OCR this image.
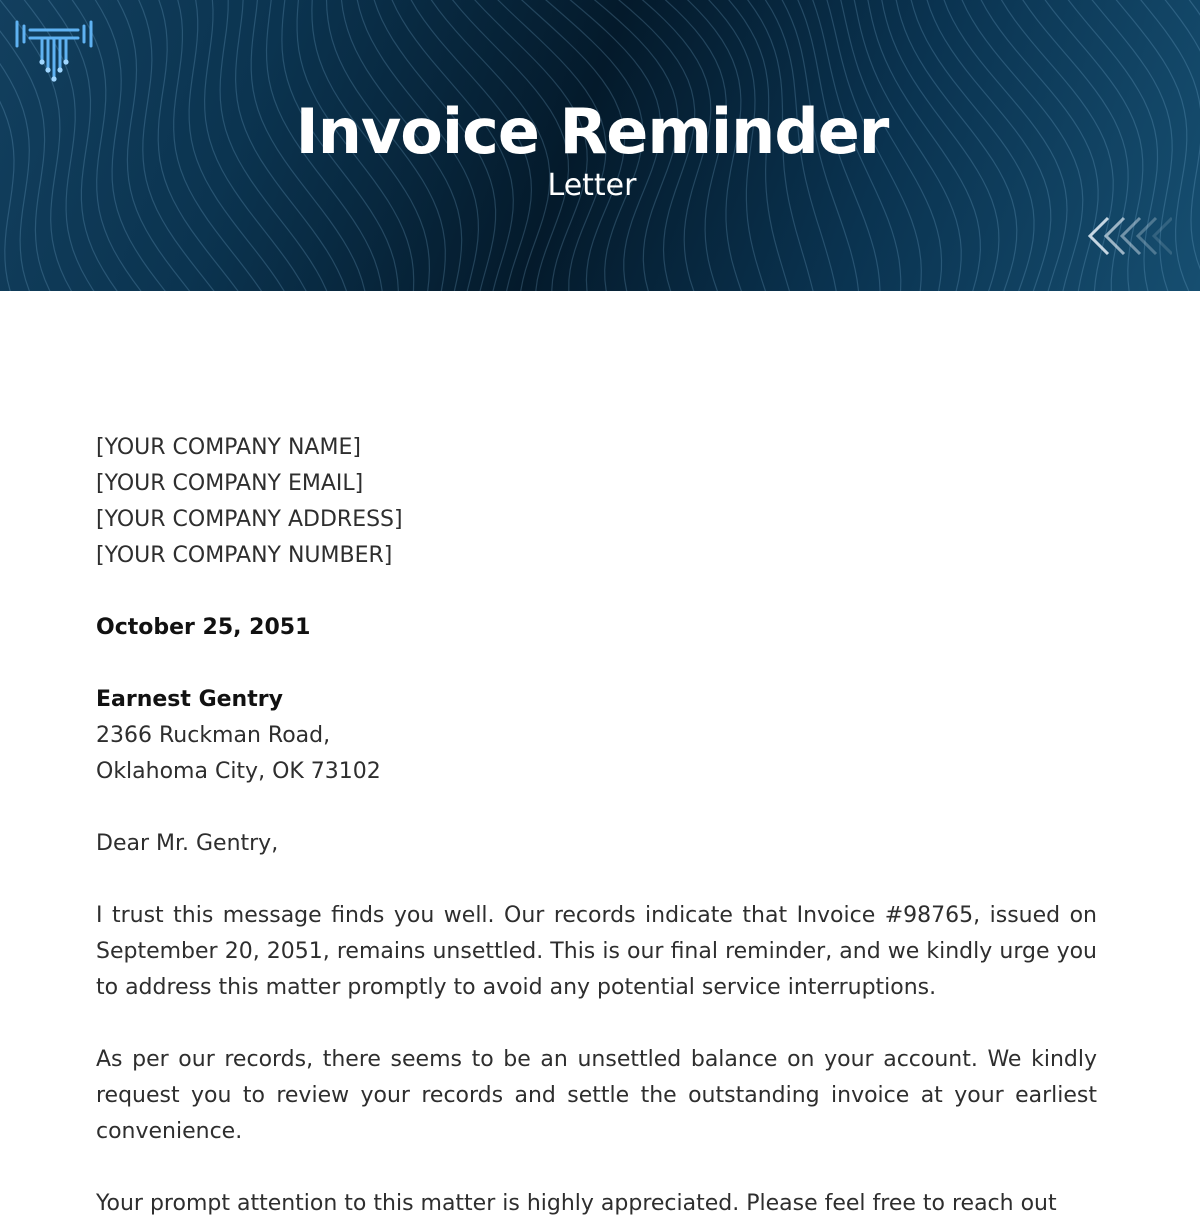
Invoice Reminder
Letter
[YOUR COMPANY NAME]
[YOUR COMPANY EMAIL]
[YOUR COMPANY ADDRESS]
[YOUR COMPANY NUMBER]
October 25, 2051
Earnest Gentry
2366 Ruckman Road,
Oklahoma City, OK 73102
Dear Mr. Gentry,

I trust this message finds you well. Our records indicate that Invoice #98765, issued on September 20, 2051, remains unsettled. This is our final reminder, and we kindly urge you to address this matter promptly to avoid any potential service interruptions.

As per our records, there seems to be an unsettled balance on your account. We kindly request you to review your records and settle the outstanding invoice at your earliest convenience.

Your prompt attention to this matter is highly appreciated. Please feel free to reach out
